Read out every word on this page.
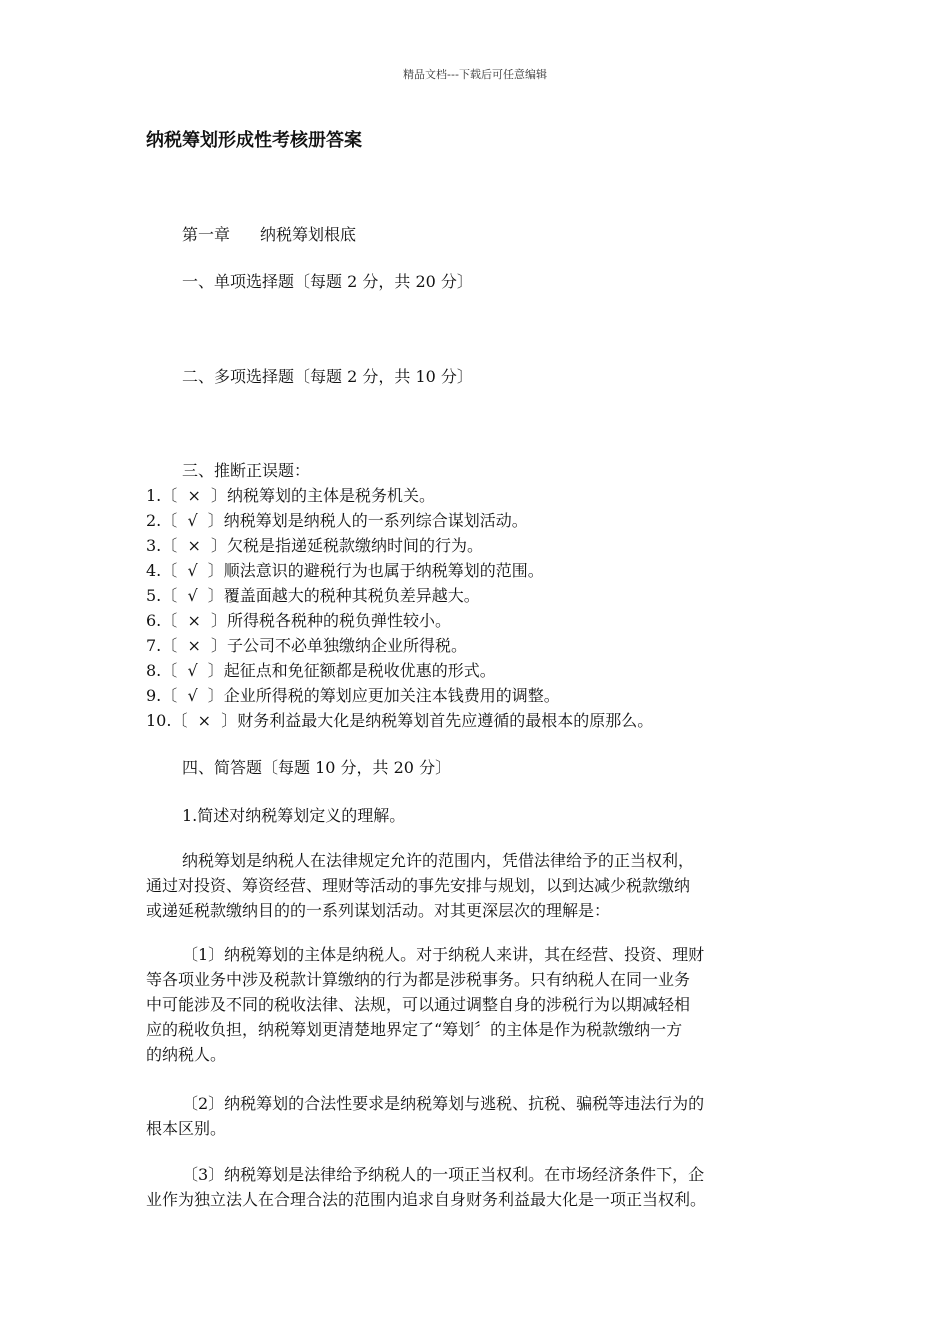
精品文档---下载后可任意编辑
纳税筹划形成性考核册答案
第一章 纳税筹划根底
一、单项选择题〔每题 2 分，共 20 分〕
二、多项选择题〔每题 2 分，共 10 分〕
三、推断正误题：
1.〔  ×  〕纳税筹划的主体是税务机关。
2.〔  √  〕纳税筹划是纳税人的一系列综合谋划活动。
3.〔  ×  〕欠税是指递延税款缴纳时间的行为。
4.〔  √  〕顺法意识的避税行为也属于纳税筹划的范围。
5.〔  √  〕覆盖面越大的税种其税负差异越大。
6.〔  ×  〕所得税各税种的税负弹性较小。
7.〔  ×  〕子公司不必单独缴纳企业所得税。
8.〔  √  〕起征点和免征额都是税收优惠的形式。
9.〔  √  〕企业所得税的筹划应更加关注本钱费用的调整。
10.〔  ×  〕财务利益最大化是纳税筹划首先应遵循的最根本的原那么。
四、简答题〔每题 10 分，共 20 分〕
1.简述对纳税筹划定义的理解。
纳税筹划是纳税人在法律规定允许的范围内，凭借法律给予的正当权利，
通过对投资、筹资经营、理财等活动的事先安排与规划，以到达减少税款缴纳
或递延税款缴纳目的的一系列谋划活动。对其更深层次的理解是：
〔1〕纳税筹划的主体是纳税人。对于纳税人来讲，其在经营、投资、理财
等各项业务中涉及税款计算缴纳的行为都是涉税事务。只有纳税人在同一业务
中可能涉及不同的税收法律、法规，可以通过调整自身的涉税行为以期减轻相
应的税收负担，纳税筹划更清楚地界定了“筹划〞的主体是作为税款缴纳一方
的纳税人。
〔2〕纳税筹划的合法性要求是纳税筹划与逃税、抗税、骗税等违法行为的
根本区别。
〔3〕纳税筹划是法律给予纳税人的一项正当权利。在市场经济条件下，企
业作为独立法人在合理合法的范围内追求自身财务利益最大化是一项正当权利。
